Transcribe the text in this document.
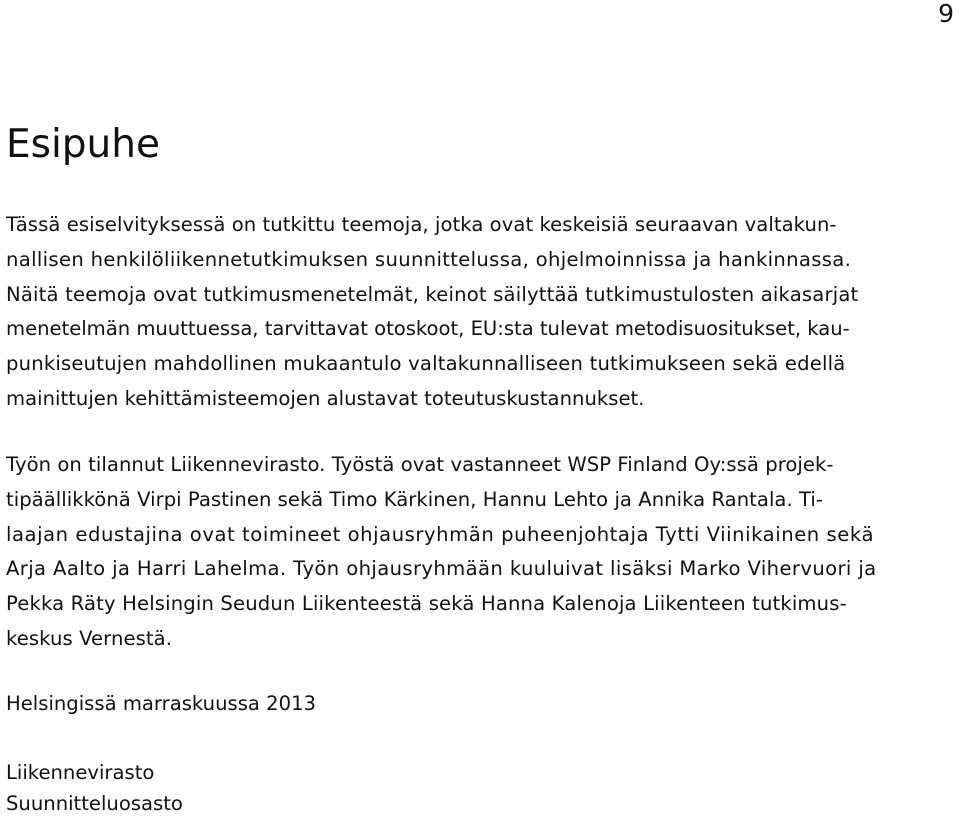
9
Esipuhe

Tässä esiselvityksessä on tutkittu teemoja, jotka ovat keskeisiä seuraavan valtakun-
nallisen henkilöliikennetutkimuksen suunnittelussa, ohjelmoinnissa ja hankinnassa.
Näitä teemoja ovat tutkimusmenetelmät, keinot säilyttää tutkimustulosten aikasarjat
menetelmän muuttuessa, tarvittavat otoskoot, EU:sta tulevat metodisuositukset, kau-
punkiseutujen mahdollinen mukaantulo valtakunnalliseen tutkimukseen sekä edellä
mainittujen kehittämisteemojen alustavat toteutuskustannukset.

Työn on tilannut Liikennevirasto. Työstä ovat vastanneet WSP Finland Oy:ssä projek-
tipäällikkönä Virpi Pastinen sekä Timo Kärkinen, Hannu Lehto ja Annika Rantala. Ti-
laajan edustajina ovat toimineet ohjausryhmän puheenjohtaja Tytti Viinikainen sekä
Arja Aalto ja Harri Lahelma. Työn ohjausryhmään kuuluivat lisäksi Marko Vihervuori ja
Pekka Räty Helsingin Seudun Liikenteestä sekä Hanna Kalenoja Liikenteen tutkimus-
keskus Vernestä.

Helsingissä marraskuussa 2013

Liikennevirasto
Suunnitteluosasto
